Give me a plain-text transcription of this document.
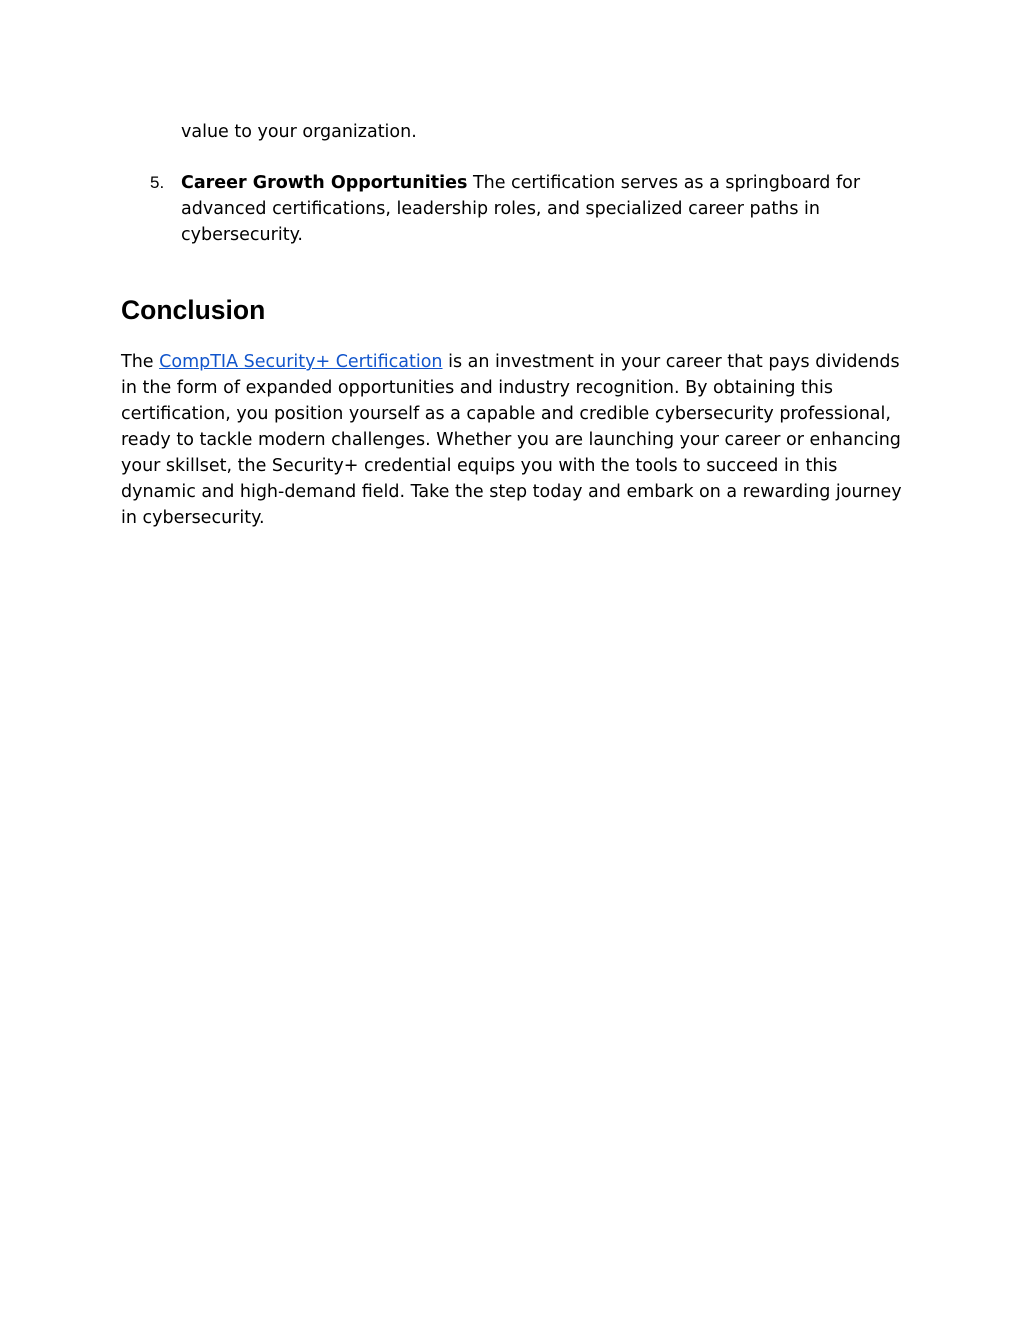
value to your organization.

5. Career Growth Opportunities The certification serves as a springboard for advanced certifications, leadership roles, and specialized career paths in cybersecurity.

Conclusion

The CompTIA Security+ Certification is an investment in your career that pays dividends in the form of expanded opportunities and industry recognition. By obtaining this certification, you position yourself as a capable and credible cybersecurity professional, ready to tackle modern challenges. Whether you are launching your career or enhancing your skillset, the Security+ credential equips you with the tools to succeed in this dynamic and high-demand field. Take the step today and embark on a rewarding journey in cybersecurity.
